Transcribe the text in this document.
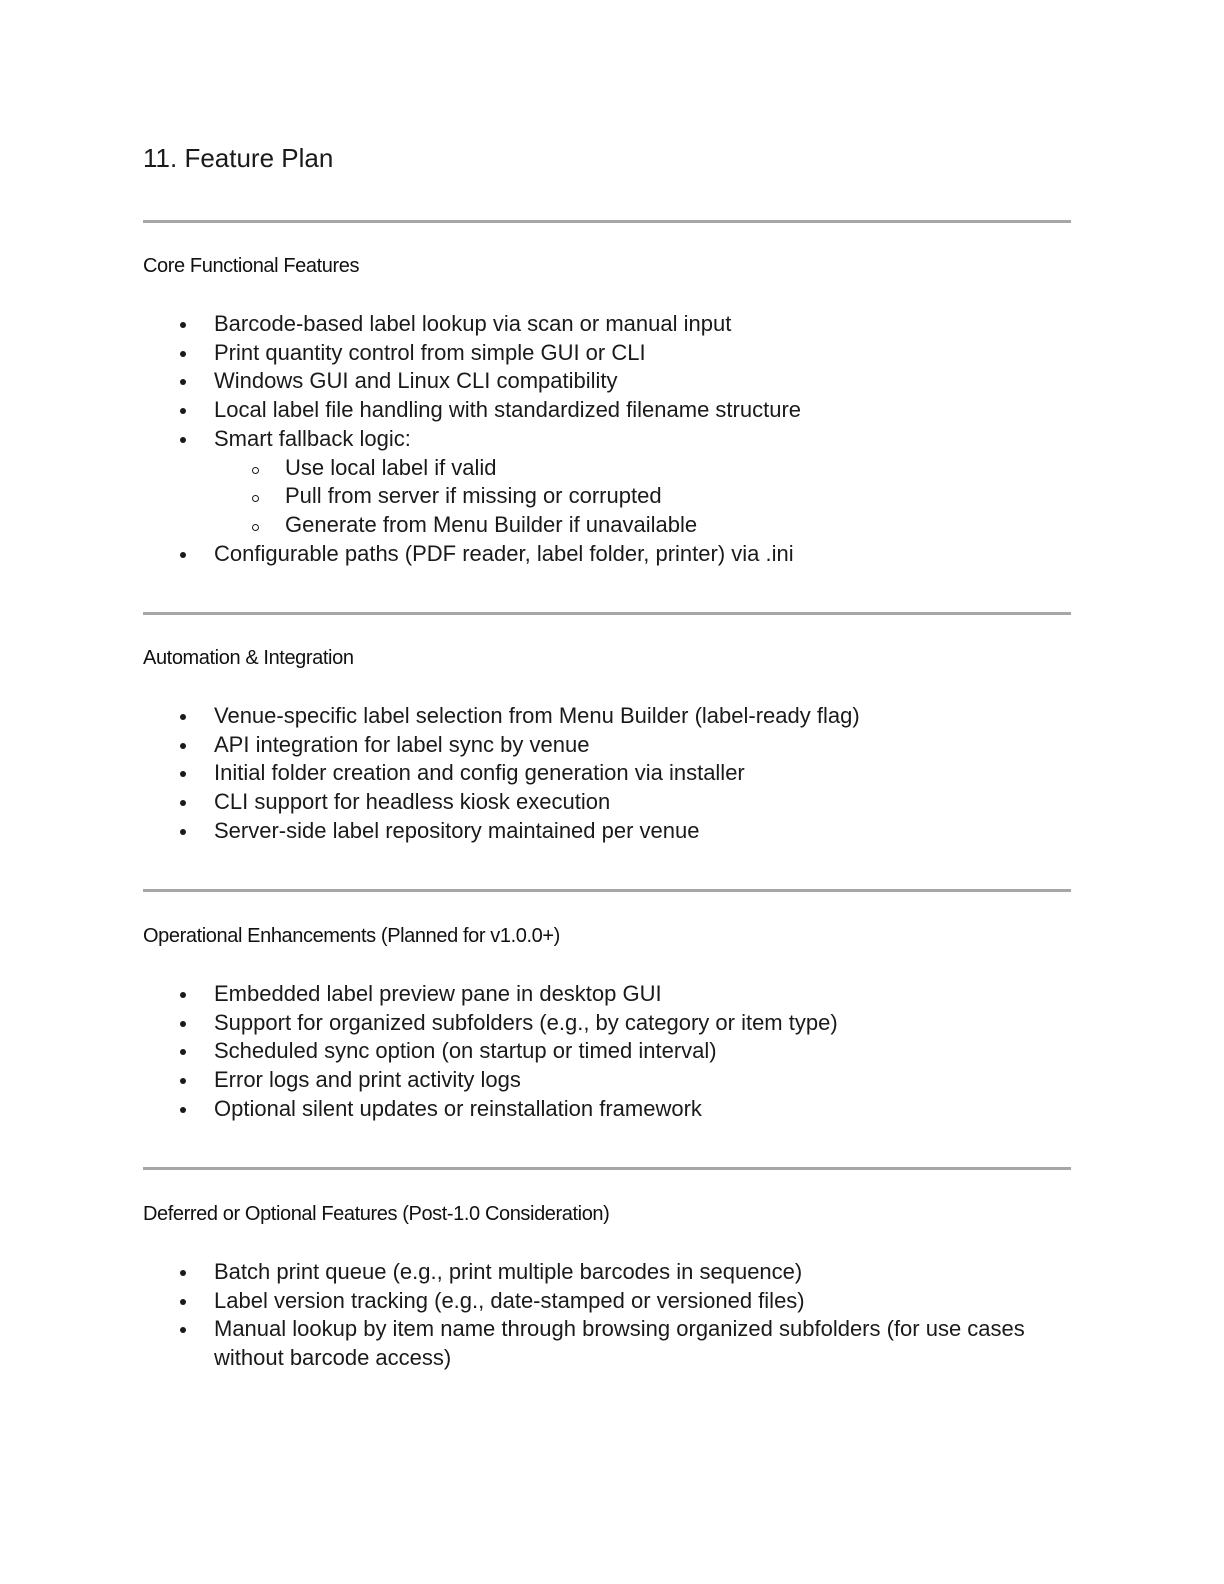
11. Feature Plan
Core Functional Features
Barcode-based label lookup via scan or manual input
Print quantity control from simple GUI or CLI
Windows GUI and Linux CLI compatibility
Local label file handling with standardized filename structure
Smart fallback logic:
Use local label if valid
Pull from server if missing or corrupted
Generate from Menu Builder if unavailable
Configurable paths (PDF reader, label folder, printer) via .ini
Automation & Integration
Venue-specific label selection from Menu Builder (label-ready flag)
API integration for label sync by venue
Initial folder creation and config generation via installer
CLI support for headless kiosk execution
Server-side label repository maintained per venue
Operational Enhancements (Planned for v1.0.0+)
Embedded label preview pane in desktop GUI
Support for organized subfolders (e.g., by category or item type)
Scheduled sync option (on startup or timed interval)
Error logs and print activity logs
Optional silent updates or reinstallation framework
Deferred or Optional Features (Post-1.0 Consideration)
Batch print queue (e.g., print multiple barcodes in sequence)
Label version tracking (e.g., date-stamped or versioned files)
Manual lookup by item name through browsing organized subfolders (for use cases without barcode access)
